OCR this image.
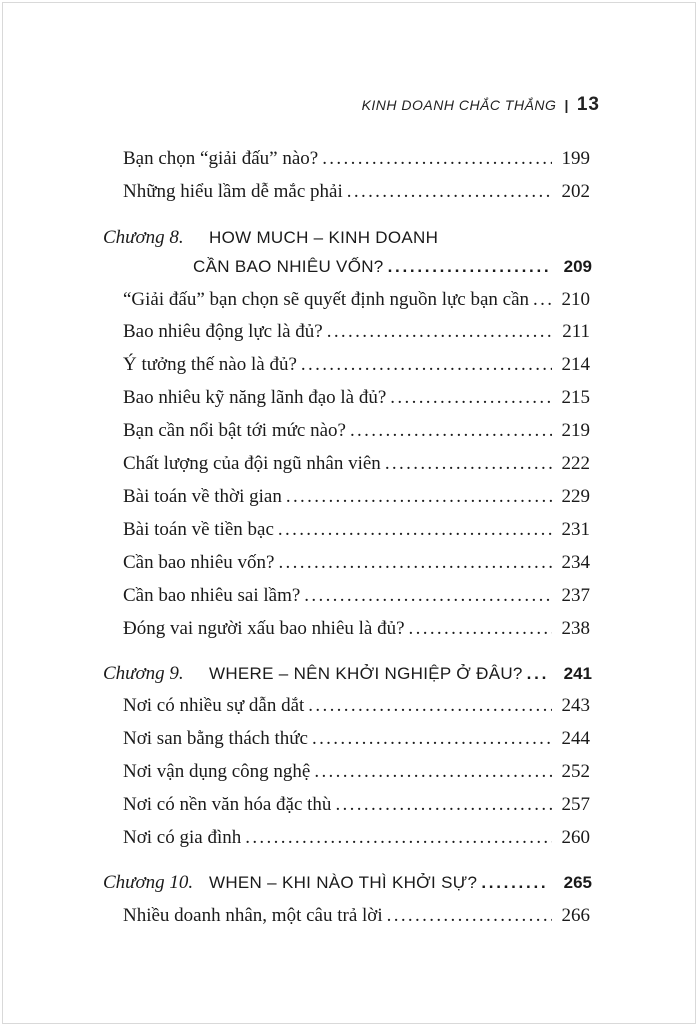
KINH DOANH CHẮC THẮNG | 13
Bạn chọn “giải đấu” nào? . . .	199
Những hiểu lầm dễ mắc phải . . .	202
Chương 8.	HOW MUCH – KINH DOANH
CẦN BAO NHIÊU VỐN? . . .	209
“Giải đấu” bạn chọn sẽ quyết định nguồn lực bạn cần . . .	210
Bao nhiêu động lực là đủ? . . .	211
Ý tưởng thế nào là đủ? . . .	214
Bao nhiêu kỹ năng lãnh đạo là đủ? . . .	215
Bạn cần nổi bật tới mức nào? . . .	219
Chất lượng của đội ngũ nhân viên . . .	222
Bài toán về thời gian . . .	229
Bài toán về tiền bạc . . .	231
Cần bao nhiêu vốn? . . .	234
Cần bao nhiêu sai lầm? . . .	237
Đóng vai người xấu bao nhiêu là đủ? . . .	238
Chương 9.	WHERE – NÊN KHỞI NGHIỆP Ở ĐÂU? . . .	241
Nơi có nhiều sự dẫn dắt . . .	243
Nơi san bằng thách thức . . .	244
Nơi vận dụng công nghệ . . .	252
Nơi có nền văn hóa đặc thù . . .	257
Nơi có gia đình . . .	260
Chương 10. WHEN – KHI NÀO THÌ KHỞI SỰ? . . .	265
Nhiều doanh nhân, một câu trả lời . . .	266
